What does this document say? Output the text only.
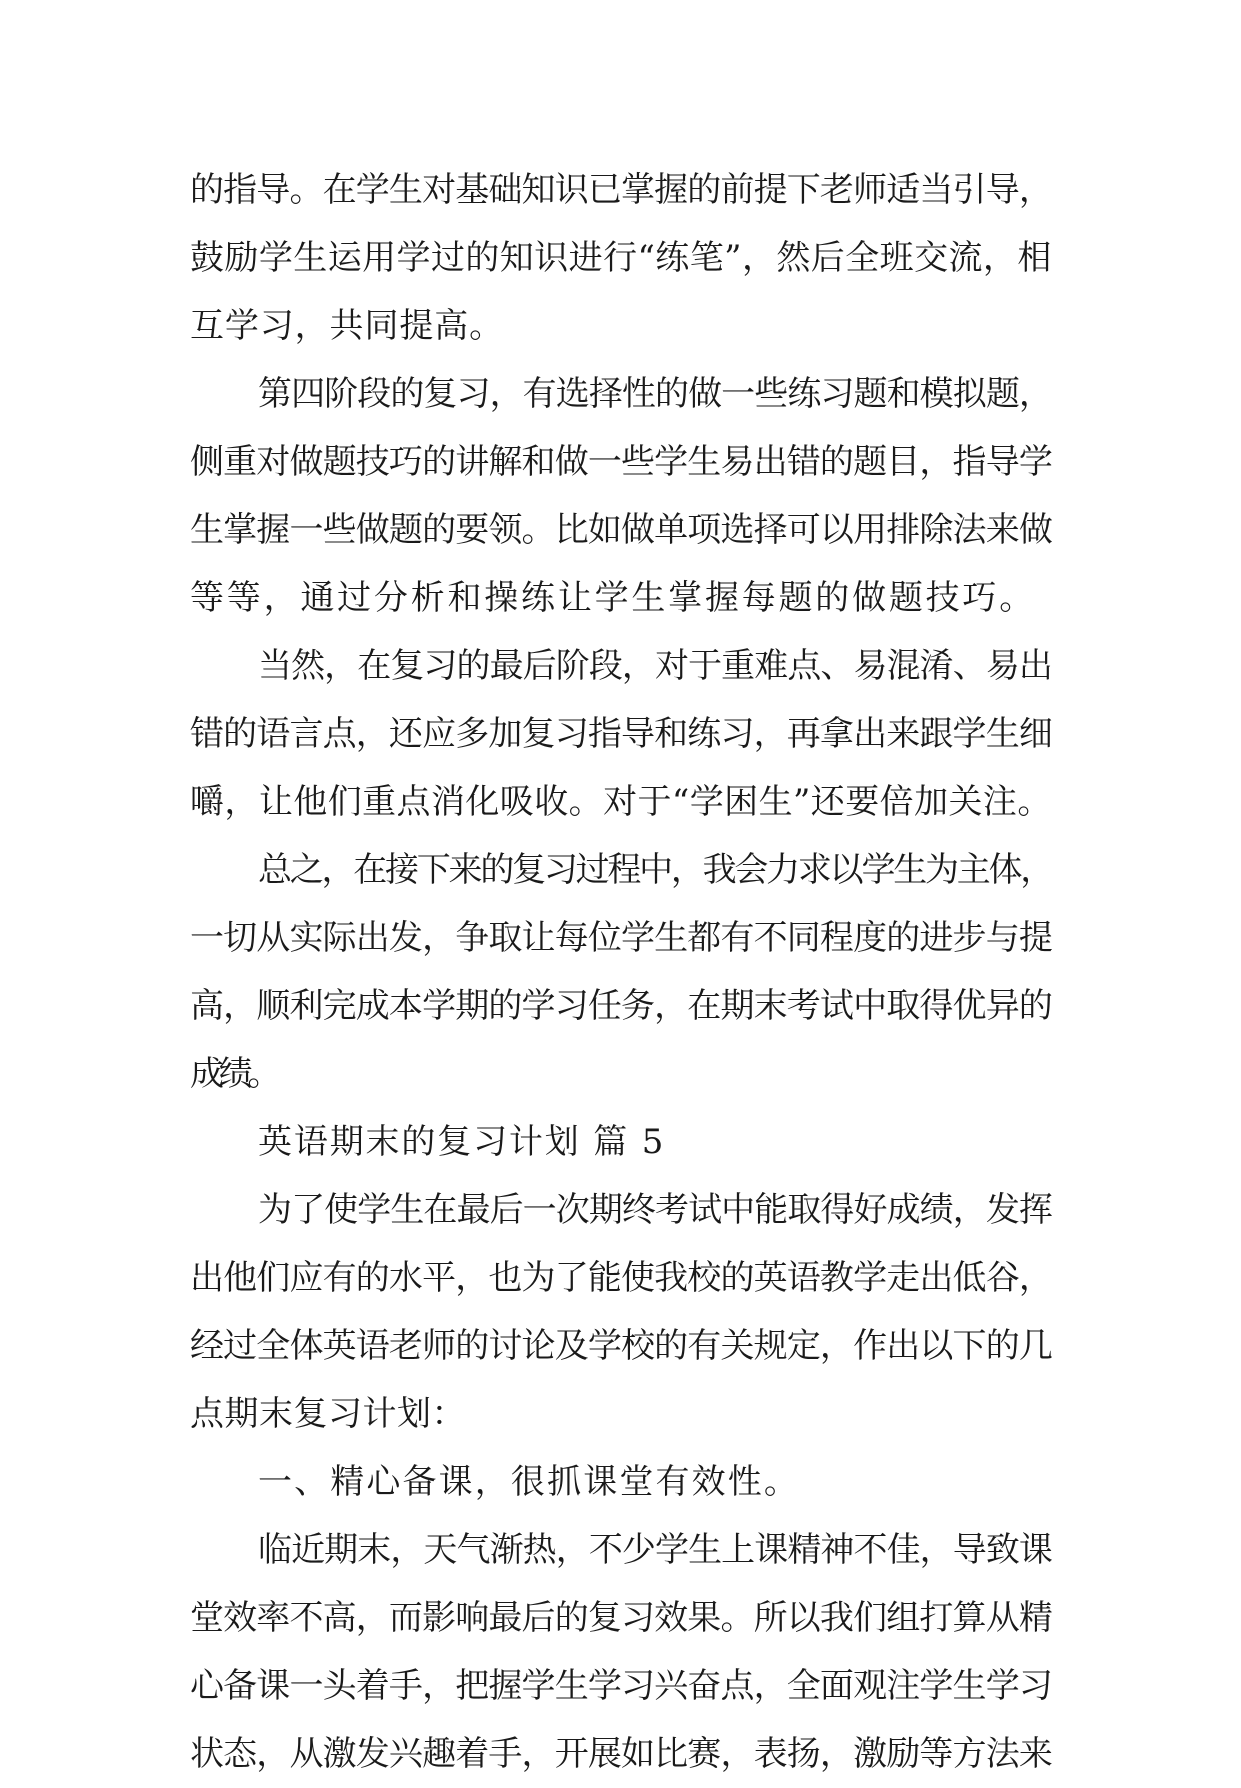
的指导。在学生对基础知识已掌握的前提下老师适当引导，
鼓励学生运用学过的知识进行“练笔”，然后全班交流，相
互学习，共同提高。
第四阶段的复习，有选择性的做一些练习题和模拟题，
侧重对做题技巧的讲解和做一些学生易出错的题目，指导学
生掌握一些做题的要领。比如做单项选择可以用排除法来做
等等，通过分析和操练让学生掌握每题的做题技巧。
当然，在复习的最后阶段，对于重难点、易混淆、易出
错的语言点，还应多加复习指导和练习，再拿出来跟学生细
嚼，让他们重点消化吸收。对于“学困生”还要倍加关注。
总之，在接下来的复习过程中，我会力求以学生为主体，
一切从实际出发，争取让每位学生都有不同程度的进步与提
高，顺利完成本学期的学习任务，在期末考试中取得优异的
成绩。
英语期末的复习计划 篇 5
为了使学生在最后一次期终考试中能取得好成绩，发挥
出他们应有的水平，也为了能使我校的英语教学走出低谷，
经过全体英语老师的讨论及学校的有关规定，作出以下的几
点期末复习计划：
一、精心备课，很抓课堂有效性。
临近期末，天气渐热，不少学生上课精神不佳，导致课
堂效率不高，而影响最后的复习效果。所以我们组打算从精
心备课一头着手，把握学生学习兴奋点，全面观注学生学习
状态，从激发兴趣着手，开展如比赛，表扬，激励等方法来
